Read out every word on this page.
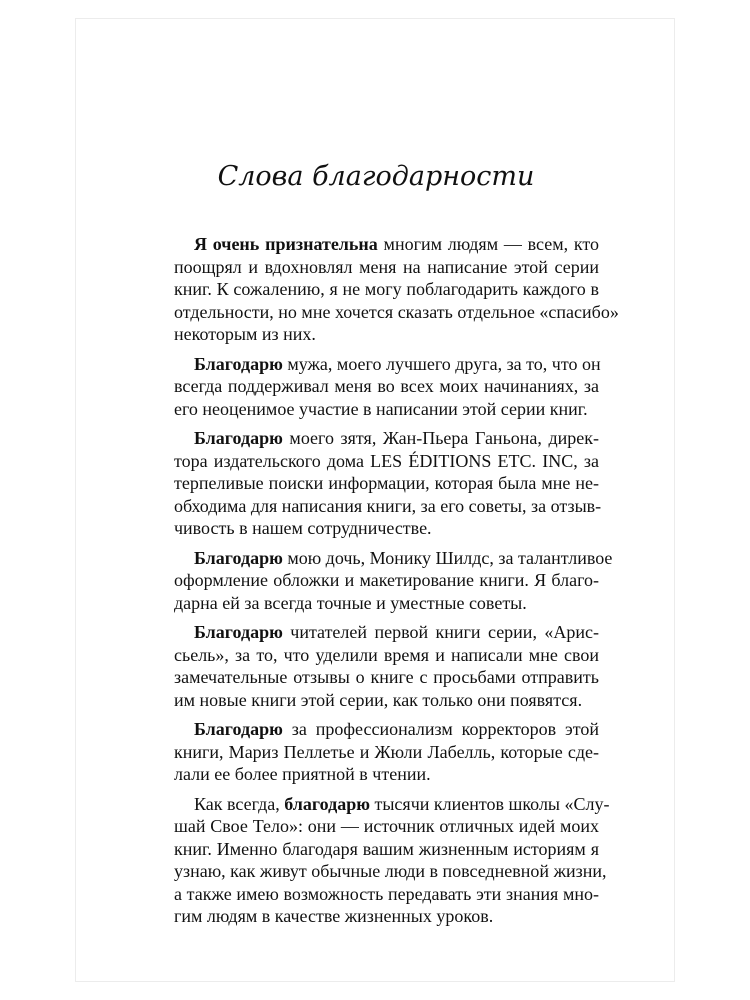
Слова благодарности
Я очень признательна многим людям — всем, кто
поощрял и вдохновлял меня на написание этой серии
книг. К сожалению, я не могу поблагодарить каждого в
отдельности, но мне хочется сказать отдельное «спасибо»
некоторым из них.
Благодарю мужа, моего лучшего друга, за то, что он
всегда поддерживал меня во всех моих начинаниях, за
его неоценимое участие в написании этой серии книг.
Благодарю моего зятя, Жан-Пьера Ганьона, дирек-
тора издательского дома LES ÉDITIONS ETC. INC, за
терпеливые поиски информации, которая была мне не-
обходима для написания книги, за его советы, за отзыв-
чивость в нашем сотрудничестве.
Благодарю мою дочь, Монику Шилдс, за талантливое
оформление обложки и макетирование книги. Я благо-
дарна ей за всегда точные и уместные советы.
Благодарю читателей первой книги серии, «Арис-
сьель», за то, что уделили время и написали мне свои
замечательные отзывы о книге с просьбами отправить
им новые книги этой серии, как только они появятся.
Благодарю за профессионализм корректоров этой
книги, Мариз Пеллетье и Жюли Лабелль, которые сде-
лали ее более приятной в чтении.
Как всегда, благодарю тысячи клиентов школы «Слу-
шай Свое Тело»: они — источник отличных идей моих
книг. Именно благодаря вашим жизненным историям я
узнаю, как живут обычные люди в повседневной жизни,
а также имею возможность передавать эти знания мно-
гим людям в качестве жизненных уроков.
